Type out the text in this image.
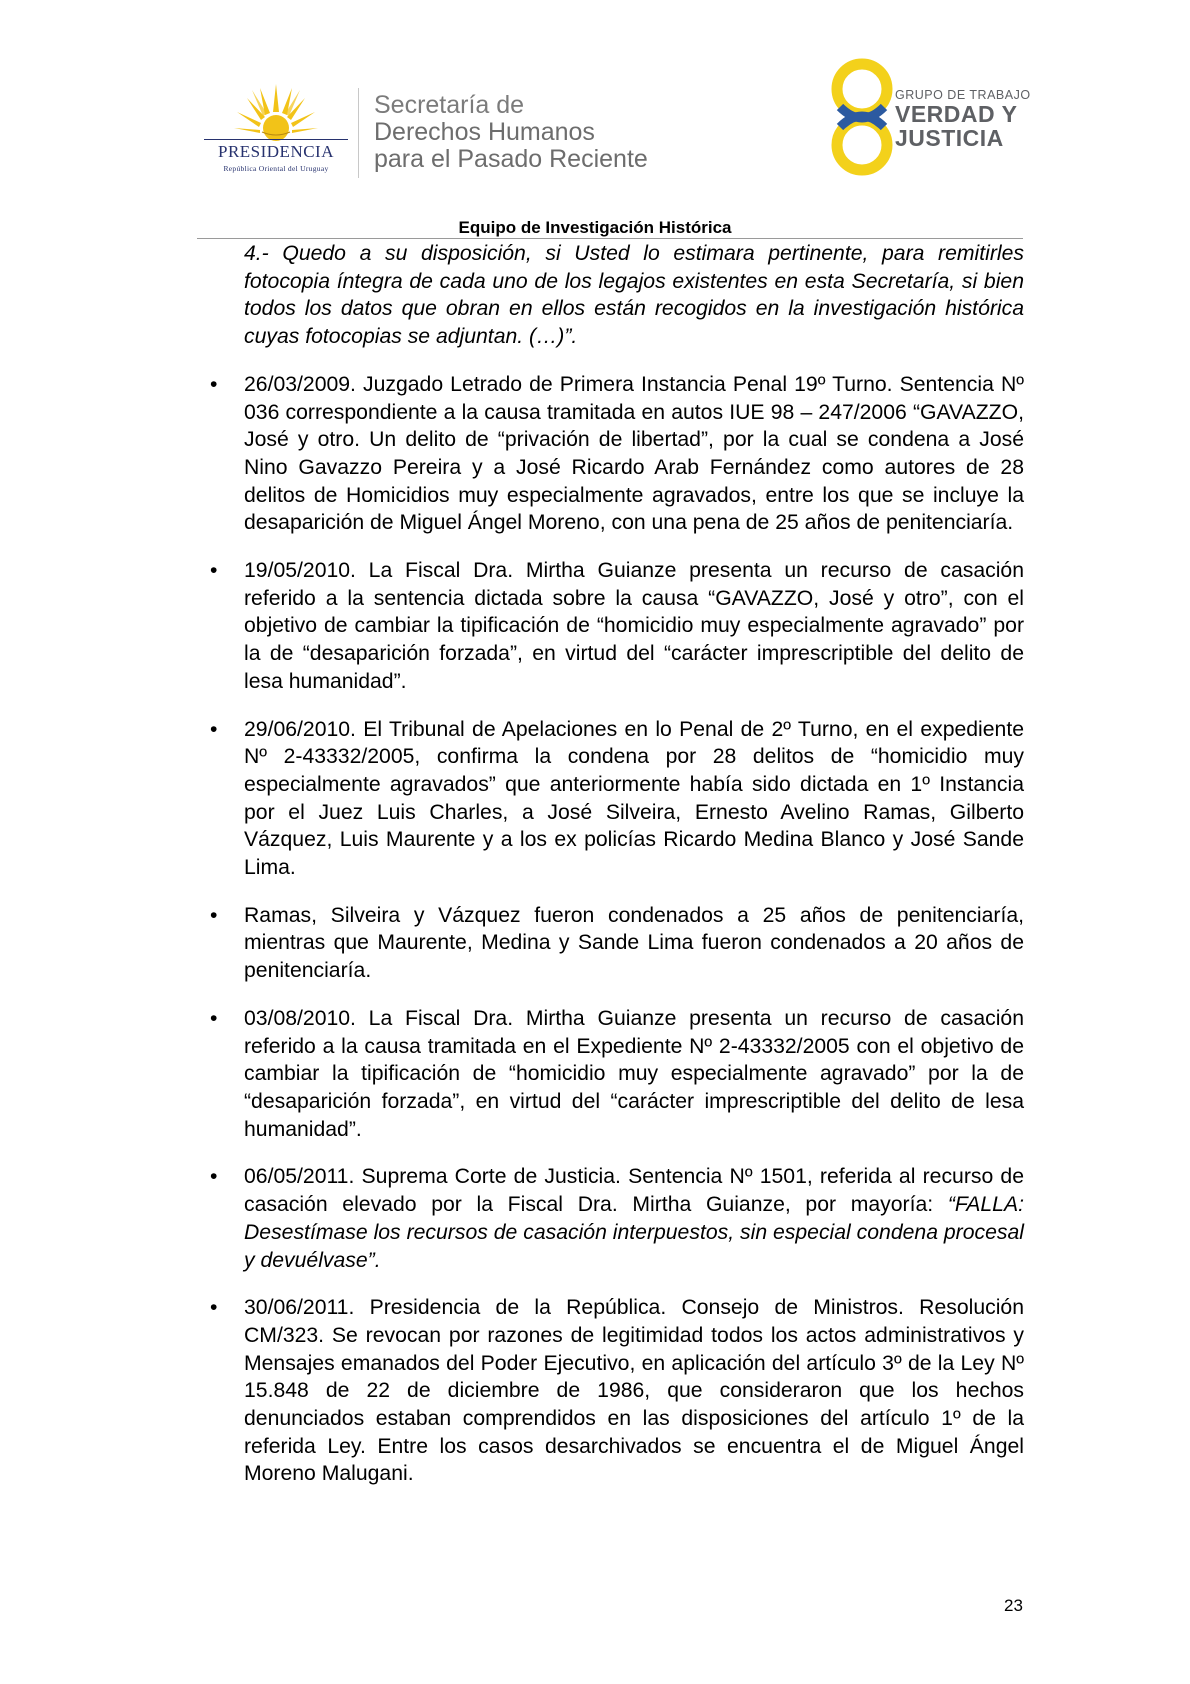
PRESIDENCIA
República Oriental del Uruguay
Secretaría de
Derechos Humanos
para el Pasado Reciente
GRUPO DE TRABAJO
VERDAD Y
JUSTICIA
Equipo de Investigación Histórica

4.- Quedo a su disposición, si Usted lo estimara pertinente, para remitirles fotocopia íntegra de cada uno de los legajos existentes en esta Secretaría, si bien todos los datos que obran en ellos están recogidos en la investigación histórica cuyas fotocopias se adjuntan. (…)”.

• 26/03/2009. Juzgado Letrado de Primera Instancia Penal 19º Turno. Sentencia Nº 036 correspondiente a la causa tramitada en autos IUE 98 – 247/2006 “GAVAZZO, José y otro. Un delito de “privación de libertad”, por la cual se condena a José Nino Gavazzo Pereira y a José Ricardo Arab Fernández como autores de 28 delitos de Homicidios muy especialmente agravados, entre los que se incluye la desaparición de Miguel Ángel Moreno, con una pena de 25 años de penitenciaría.
• 19/05/2010. La Fiscal Dra. Mirtha Guianze presenta un recurso de casación referido a la sentencia dictada sobre la causa “GAVAZZO, José y otro”, con el objetivo de cambiar la tipificación de “homicidio muy especialmente agravado” por la de “desaparición forzada”, en virtud del “carácter imprescriptible del delito de lesa humanidad”.
• 29/06/2010. El Tribunal de Apelaciones en lo Penal de 2º Turno, en el expediente Nº 2-43332/2005, confirma la condena por 28 delitos de “homicidio muy especialmente agravados” que anteriormente había sido dictada en 1º Instancia por el Juez Luis Charles, a José Silveira, Ernesto Avelino Ramas, Gilberto Vázquez, Luis Maurente y a los ex policías Ricardo Medina Blanco y José Sande Lima.
• Ramas, Silveira y Vázquez fueron condenados a 25 años de penitenciaría, mientras que Maurente, Medina y Sande Lima fueron condenados a 20 años de penitenciaría.
• 03/08/2010. La Fiscal Dra. Mirtha Guianze presenta un recurso de casación referido a la causa tramitada en el Expediente Nº 2-43332/2005 con el objetivo de cambiar la tipificación de “homicidio muy especialmente agravado” por la de “desaparición forzada”, en virtud del “carácter imprescriptible del delito de lesa humanidad”.
• 06/05/2011. Suprema Corte de Justicia. Sentencia Nº 1501, referida al recurso de casación elevado por la Fiscal Dra. Mirtha Guianze, por mayoría: “FALLA: Desestímase los recursos de casación interpuestos, sin especial condena procesal y devuélvase”.
• 30/06/2011. Presidencia de la República. Consejo de Ministros. Resolución CM/323. Se revocan por razones de legitimidad todos los actos administrativos y Mensajes emanados del Poder Ejecutivo, en aplicación del artículo 3º de la Ley Nº 15.848 de 22 de diciembre de 1986, que consideraron que los hechos denunciados estaban comprendidos en las disposiciones del artículo 1º de la referida Ley. Entre los casos desarchivados se encuentra el de Miguel Ángel Moreno Malugani.
23
